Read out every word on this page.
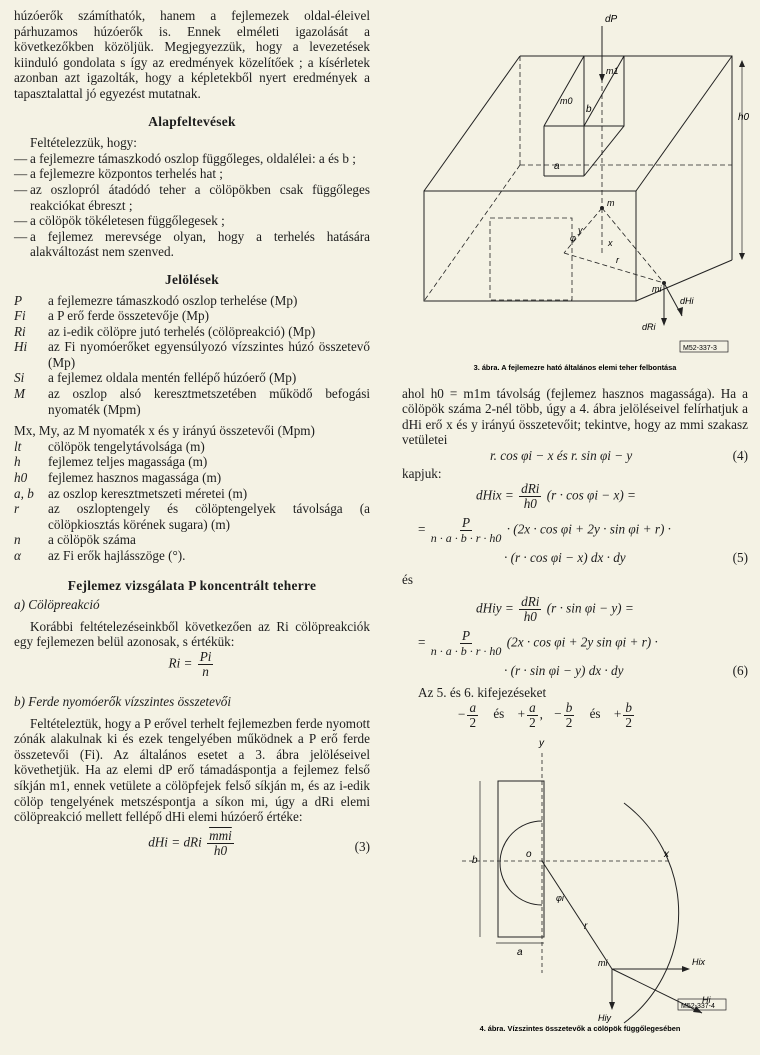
húzóerők számíthatók, hanem a fejlemezek oldal-éleivel párhuzamos húzóerők is. Ennek elméleti igazolását a következőkben közöljük. Megjegyezzük, hogy a levezetések kiinduló gondolata s így az eredmények közelítőek ; a kísérletek azonban azt igazolták, hogy a képletekből nyert eredmények a tapasztalattal jó egyezést mutatnak.

Alapfeltevések

Feltételezzük, hogy:

— a fejlemezre támaszkodó oszlop függőleges, oldalélei: a és b ;
— a fejlemezre központos terhelés hat ;
— az oszlopról átadódó teher a cölöpökben csak függőleges reakciókat ébreszt ;
— a cölöpök tökéletesen függőlegesek ;
— a fejlemez merevsége olyan, hogy a terhelés hatására alakváltozást nem szenved.
Jelölések
P	a fejlemezre támaszkodó oszlop terhelése (Mp)
Fi	a P erő ferde összetevője (Mp)
Ri	az i-edik cölöpre jutó terhelés (cölöpreakció) (Mp)
Hi	az Fi nyomóerőket egyensúlyozó vízszintes húzó összetevő (Mp)
Si	a fejlemez oldala mentén fellépő húzóerő (Mp)
M	az oszlop alsó keresztmetszetében működő befogási nyomaték (Mpm)

Mx, My, az M nyomaték x és y irányú összetevői (Mpm)

lt	cölöpök tengelytávolsága (m)
h	fejlemez teljes magassága (m)
h0	fejlemez hasznos magassága (m)
a, b	az oszlop keresztmetszeti méretei (m)
r	az oszloptengely és cölöptengelyek távolsága (a cölöpkiosztás körének sugara) (m)
n	a cölöpök száma
α	az Fi erők hajlásszöge (°).
Fejlemez vizsgálata P koncentrált teherre

a) Cölöpreakció

Korábbi feltételezéseinkből következően az Ri cölöpreakciók egy fejlemezen belül azonosak, s értékük:

$Ri = \frac{Pi}{n}$

b) Ferde nyomóerők vízszintes összetevői

Feltételeztük, hogy a P erővel terhelt fejlemezben ferde nyomott zónák alakulnak ki és ezek tengelyében működnek a P erő ferde összetevői (Fi). Az általános esetet a 3. ábra jelöléseivel követhetjük. Ha az elemi dP erő támadáspontja a fejlemez felső síkján m1, ennek vetülete a cölöpfejek felső síkján m, és az i-edik cölöp tengelyének metszéspontja a síkon mi, úgy a dRi elemi cölöpreakció mellett fellépő dHi elemi húzóerő értéke:

dHi = dRi $\frac{\overline{mmi}}{h0}$	(3)
dP
m1
m0
b
a
h0
m
y
x
r
φ
mi
dHi
dRi
M52-337-3
3. ábra. A fejlemezre ható általános elemi teher felbontása

ahol h0 = m1m távolság (fejlemez hasznos magassága). Ha a cölöpök száma 2-nél több, úgy a 4. ábra jelöléseivel felírhatjuk a dHi erő x és y irányú összetevőit; tekintve, hogy az mmi szakasz vetületei

r. cos φi − x és r. sin φi − y	(4)

kapjuk:

dHix = $\frac{\text{dRi}}{h0} (r \cdot \cos \varphi i - x)$ =
= $\frac{P}{n \cdot a \cdot b \cdot r \cdot h0} \cdot (2x \cdot \cos \varphi i + 2y \cdot \sin \varphi i + r)$ ·
· (r · cos φi − x) dx · dy	(5)

és

dHiy = $\frac{\text{dRi}}{h0} (r \cdot \sin \varphi i - y)$ =
= $\frac{P}{n \cdot a \cdot b \cdot r \cdot h0} (2x \cdot \cos \varphi i + 2y$ sin φi + r) ·
· (r · sin φi − y) dx · dy	(6)

Az 5. és 6. kifejezéseket

− $\frac{a}{2}$ és + $\frac{a}{2}$ , − $\frac{b}{2}$ és + $\frac{b}{2}$
y
x
b
a
o
φi
r
mi	Hix
Hiy
Hi
M52-337-4
4. ábra. Vízszintes összetevők a cölöpök függőlegesében
